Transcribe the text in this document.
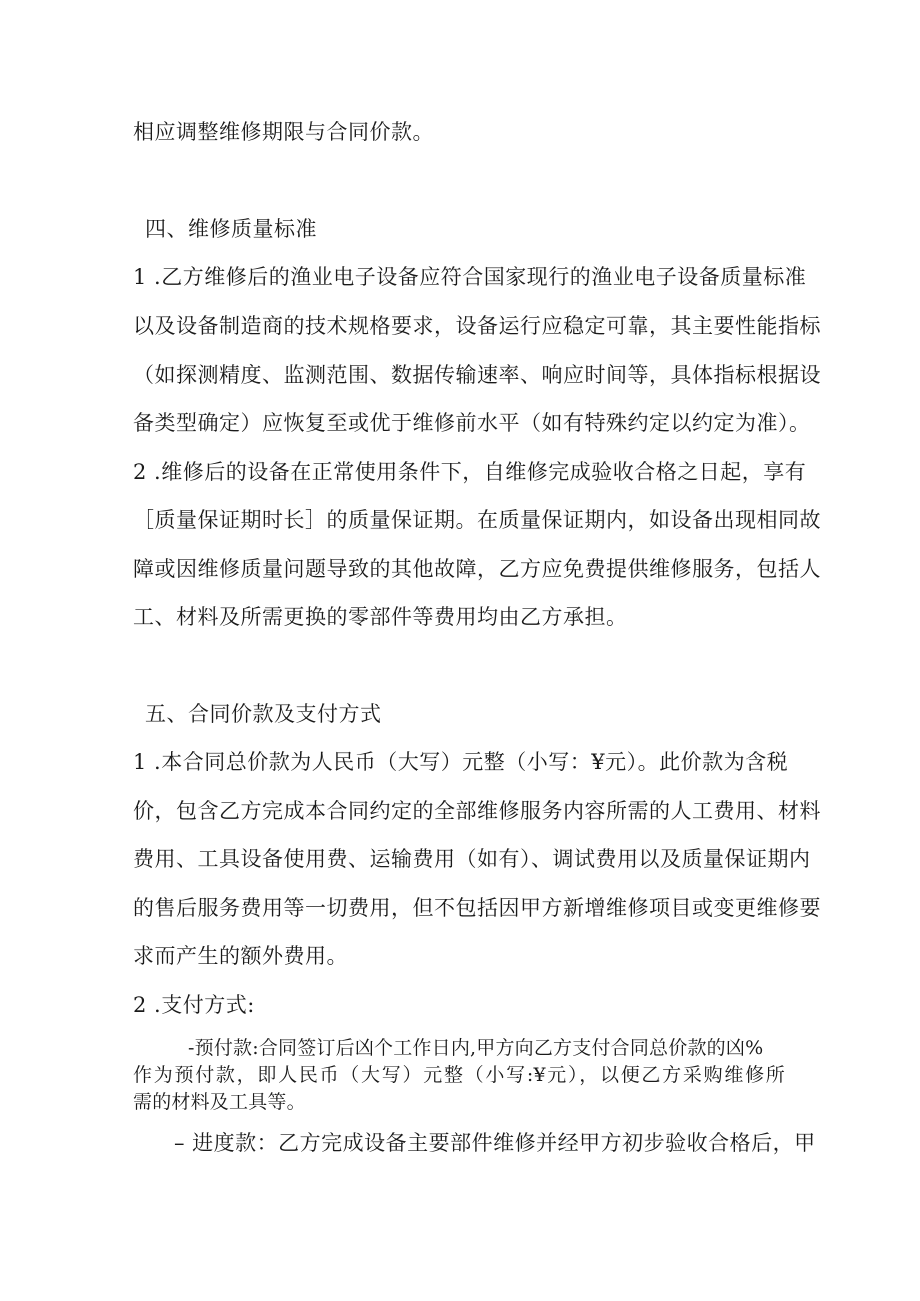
相应调整维修期限与合同价款。
四、维修质量标准
1 .乙方维修后的渔业电子设备应符合国家现行的渔业电子设备质量标准
以及设备制造商的技术规格要求，设备运行应稳定可靠，其主要性能指标
（如探测精度、监测范围、数据传输速率、响应时间等，具体指标根据设
备类型确定）应恢复至或优于维修前水平（如有特殊约定以约定为准）。
2 .维修后的设备在正常使用条件下，自维修完成验收合格之日起，享有
［质量保证期时长］的质量保证期。在质量保证期内，如设备出现相同故
障或因维修质量问题导致的其他故障，乙方应免费提供维修服务，包括人
工、材料及所需更换的零部件等费用均由乙方承担。
五、合同价款及支付方式
1 .本合同总价款为人民币（大写）元整（小写：¥元）。此价款为含税
价，包含乙方完成本合同约定的全部维修服务内容所需的人工费用、材料
费用、工具设备使用费、运输费用（如有）、调试费用以及质量保证期内
的售后服务费用等一切费用，但不包括因甲方新增维修项目或变更维修要
求而产生的额外费用。
2 .支付方式:
-预付款:合同签订后凶个工作日内,甲方向乙方支付合同总价款的凶%
作为预付款，即人民币（大写）元整（小写:¥元），以便乙方采购维修所
需的材料及工具等。
– 进度款：乙方完成设备主要部件维修并经甲方初步验收合格后，甲
